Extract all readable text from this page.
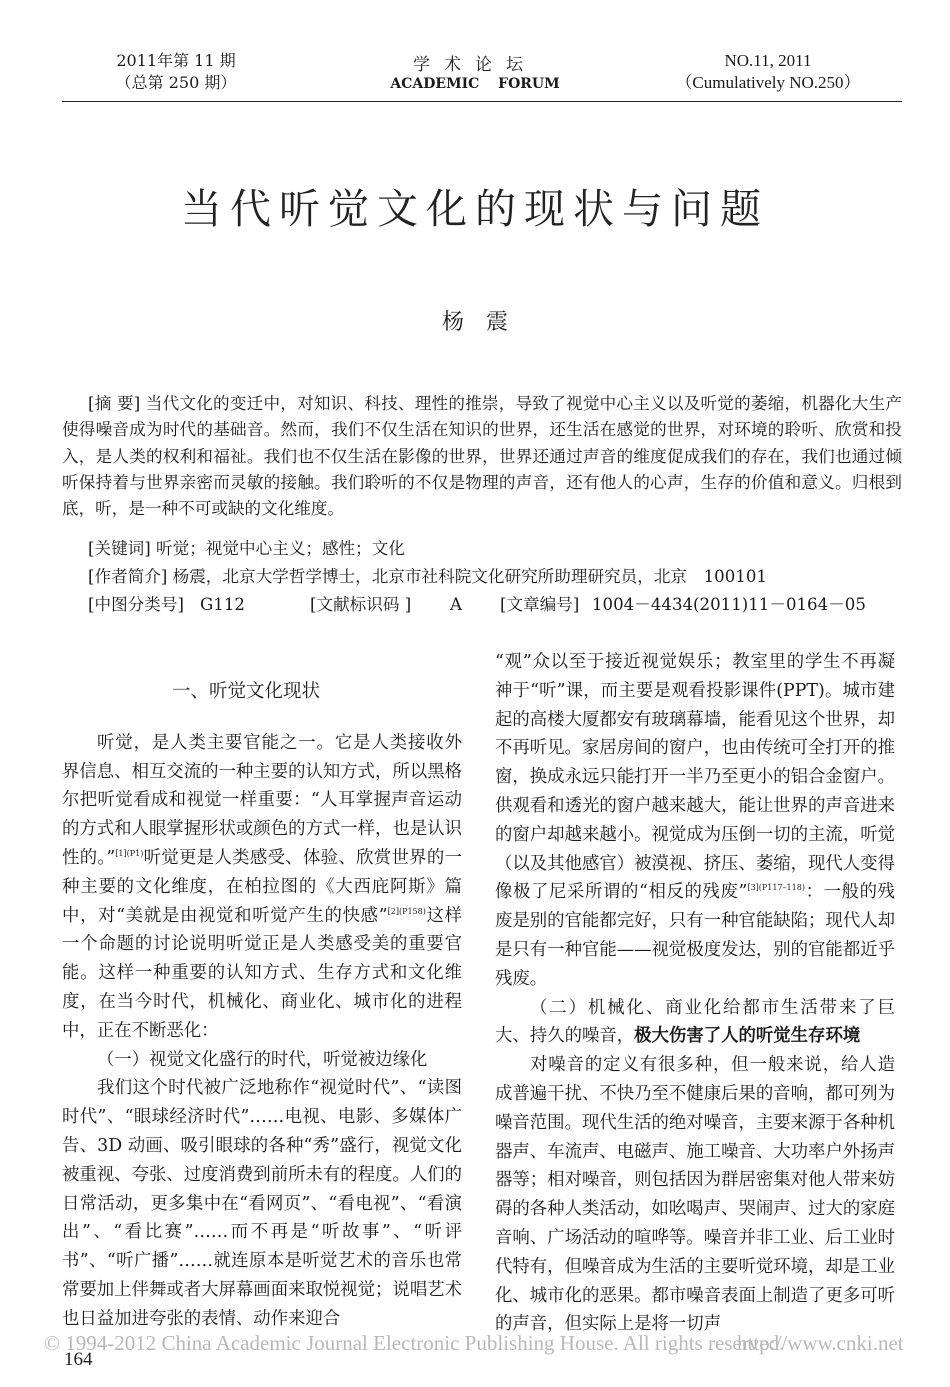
2011年第 11 期
（总第 250 期）
学术论坛
ACADEMIC FORUM
NO.11, 2011
（Cumulatively NO.250）
当代听觉文化的现状与问题
杨震

[摘 要] 当代文化的变迁中，对知识、科技、理性的推崇，导致了视觉中心主义以及听觉的萎缩，机器化大生产使得噪音成为时代的基础音。然而，我们不仅生活在知识的世界，还生活在感觉的世界，对环境的聆听、欣赏和投入，是人类的权利和福祉。我们也不仅生活在影像的世界，世界还通过声音的维度促成我们的存在，我们也通过倾听保持着与世界亲密而灵敏的接触。我们聆听的不仅是物理的声音，还有他人的心声，生存的价值和意义。归根到底，听，是一种不可或缺的文化维度。

[关键词] 听觉；视觉中心主义；感性；文化
[作者简介] 杨震，北京大学哲学博士，北京市社科院文化研究所助理研究员，北京　100101
[中图分类号] G112	[文献标识码 ] A [文章编号] 1004－4434(2011)11－0164－05

一、听觉文化现状

听觉，是人类主要官能之一。它是人类接收外界信息、相互交流的一种主要的认知方式，所以黑格尔把听觉看成和视觉一样重要：“人耳掌握声音运动的方式和人眼掌握形状或颜色的方式一样，也是认识性的。”$^{[1](P1)}$听觉更是人类感受、体验、欣赏世界的一种主要的文化维度，在柏拉图的《大西庇阿斯》篇中，对“美就是由视觉和听觉产生的快感”$^{[2](P158)}$这样一个命题的讨论说明听觉正是人类感受美的重要官能。这样一种重要的认知方式、生存方式和文化维度，在当今时代，机械化、商业化、城市化的进程中，正在不断恶化：

（一）视觉文化盛行的时代，听觉被边缘化

我们这个时代被广泛地称作“视觉时代”、“读图时代”、“眼球经济时代”……电视、电影、多媒体广告、3D 动画、吸引眼球的各种“秀”盛行，视觉文化被重视、夸张、过度消费到前所未有的程度。人们的日常活动，更多集中在“看网页”、“看电视”、“看演出”、“看比赛”……而不再是“听故事”、“听评书”、“听广播”……就连原本是听觉艺术的音乐也常常要加上伴舞或者大屏幕画面来取悦视觉；说唱艺术也日益加进夸张的表情、动作来迎合

“观”众以至于接近视觉娱乐；教室里的学生不再凝神于“听”课，而主要是观看投影课件(PPT)。城市建起的高楼大厦都安有玻璃幕墙，能看见这个世界，却不再听见。家居房间的窗户，也由传统可全打开的推窗，换成永远只能打开一半乃至更小的铝合金窗户。供观看和透光的窗户越来越大，能让世界的声音进来的窗户却越来越小。视觉成为压倒一切的主流，听觉（以及其他感官）被漠视、挤压、萎缩，现代人变得像极了尼采所谓的“相反的残废”$^{[3](P117-118)}$：一般的残废是别的官能都完好，只有一种官能缺陷；现代人却是只有一种官能——视觉极度发达，别的官能都近乎残废。

（二）机械化、商业化给都市生活带来了巨大、持久的噪音，极大伤害了人的听觉生存环境

对噪音的定义有很多种，但一般来说，给人造成普遍干扰、不快乃至不健康后果的音响，都可列为噪音范围。现代生活的绝对噪音，主要来源于各种机器声、车流声、电磁声、施工噪音、大功率户外扬声器等；相对噪音，则包括因为群居密集对他人带来妨碍的各种人类活动，如吆喝声、哭闹声、过大的家庭音响、广场活动的喧哗等。噪音并非工业、后工业时代特有，但噪音成为生活的主要听觉环境，却是工业化、城市化的恶果。都市噪音表面上制造了更多可听的声音，但实际上是将一切声

© 1994-2012 China Academic Journal Electronic Publishing House. All rights reserved.
http://www.cnki.net
164
